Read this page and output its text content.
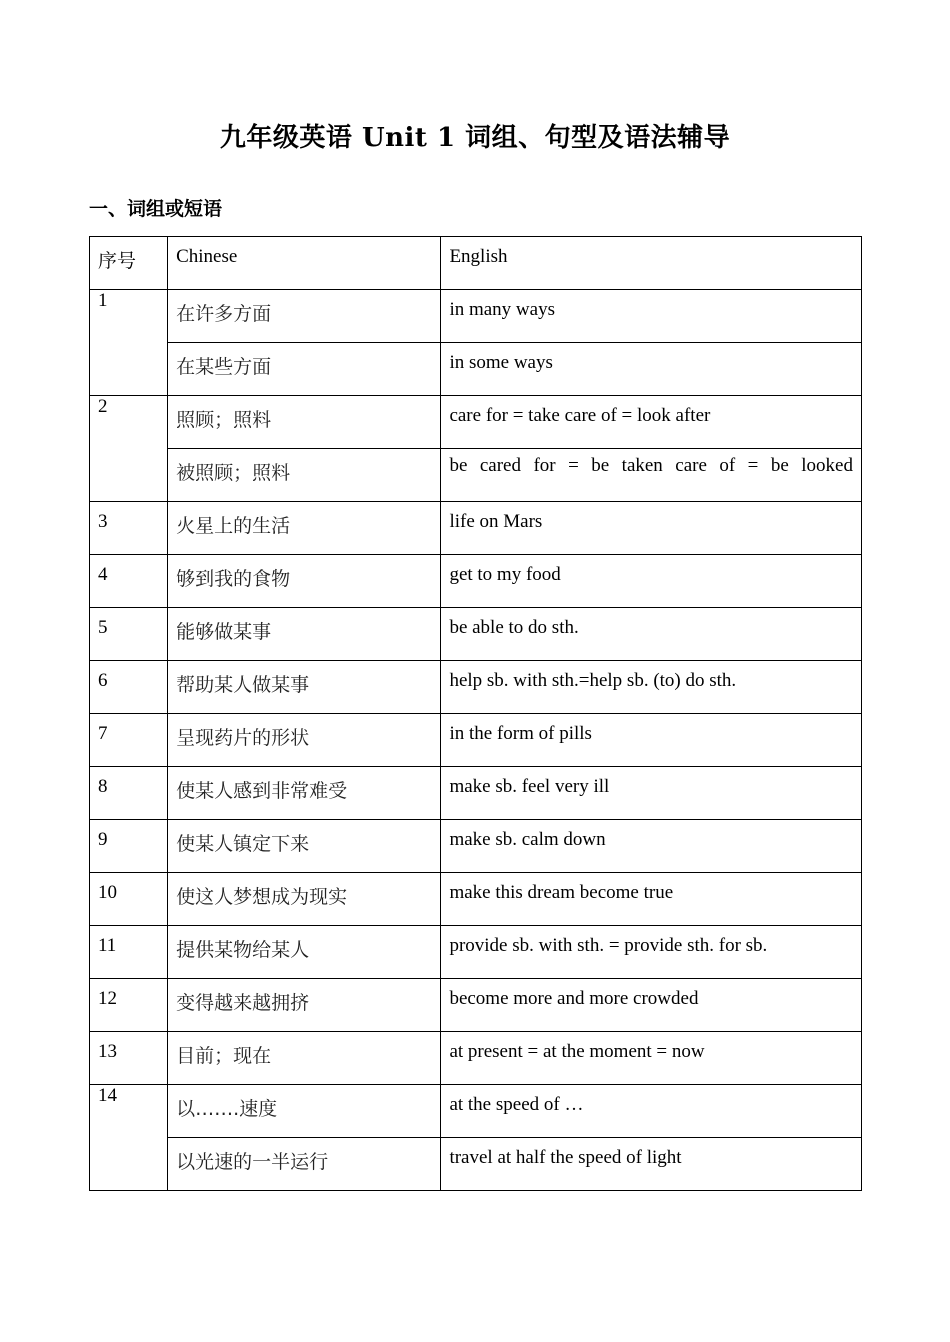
九年级英语 Unit 1 词组、句型及语法辅导
一、词组或短语
序号	Chinese	English

1	在许多方面	in many ways

	在某些方面	in some ways

2	照顾；照料	care for = take care of = look after

	被照顾；照料	be cared for = be taken care of = be looked

3	火星上的生活	life on Mars

4	够到我的食物	get to my food

5	能够做某事	be able to do sth.

6	帮助某人做某事	help sb. with sth.=help sb. (to) do sth.

7	呈现药片的形状	in the form of pills

8	使某人感到非常难受	make sb. feel very ill

9	使某人镇定下来	make sb. calm down

10	使这人梦想成为现实	make this dream become true

11	提供某物给某人	provide sb. with sth. = provide sth. for sb.

12	变得越来越拥挤	become more and more crowded

13	目前；现在	at present = at the moment = now

14	以…….速度	at the speed of …

	以光速的一半运行	travel at half the speed of light
